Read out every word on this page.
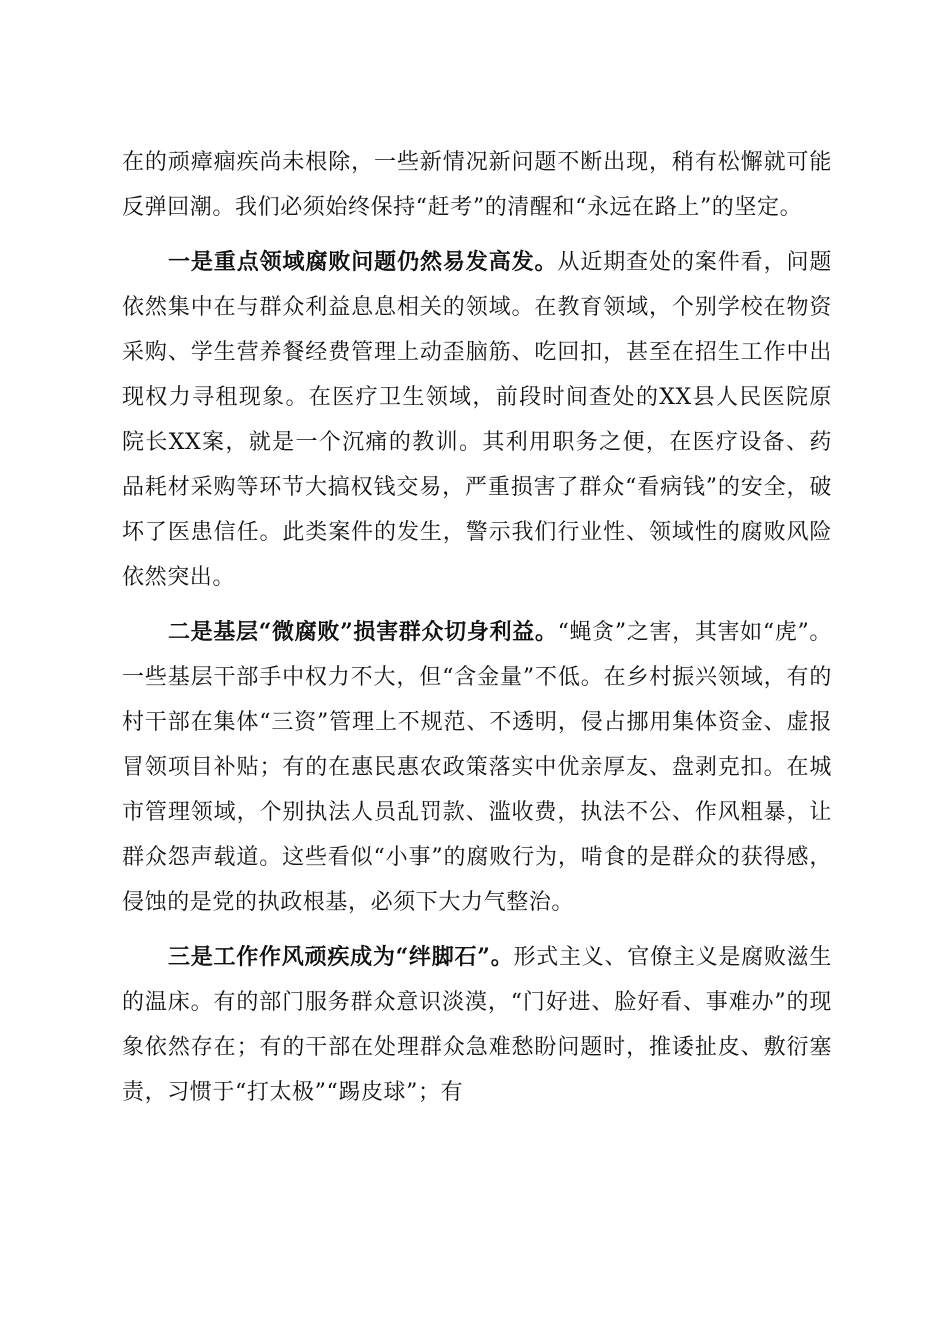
在的顽瘴痼疾尚未根除，一些新情况新问题不断出现，稍有松懈就可能反弹回潮。我们必须始终保持“赶考”的清醒和“永远在路上”的坚定。

一是重点领域腐败问题仍然易发高发。从近期查处的案件看，问题依然集中在与群众利益息息相关的领域。在教育领域，个别学校在物资采购、学生营养餐经费管理上动歪脑筋、吃回扣，甚至在招生工作中出现权力寻租现象。在医疗卫生领域，前段时间查处的XX县人民医院原院长XX案，就是一个沉痛的教训。其利用职务之便，在医疗设备、药品耗材采购等环节大搞权钱交易，严重损害了群众“看病钱”的安全，破坏了医患信任。此类案件的发生，警示我们行业性、领域性的腐败风险依然突出。

二是基层“微腐败”损害群众切身利益。“蝇贪”之害，其害如“虎”。一些基层干部手中权力不大，但“含金量”不低。在乡村振兴领域，有的村干部在集体“三资”管理上不规范、不透明，侵占挪用集体资金、虚报冒领项目补贴；有的在惠民惠农政策落实中优亲厚友、盘剥克扣。在城市管理领域，个别执法人员乱罚款、滥收费，执法不公、作风粗暴，让群众怨声载道。这些看似“小事”的腐败行为，啃食的是群众的获得感，侵蚀的是党的执政根基，必须下大力气整治。

三是工作作风顽疾成为“绊脚石”。形式主义、官僚主义是腐败滋生的温床。有的部门服务群众意识淡漠，“门好进、脸好看、事难办”的现象依然存在；有的干部在处理群众急难愁盼问题时，推诿扯皮、敷衍塞责，习惯于“打太极”“踢皮球”；有
